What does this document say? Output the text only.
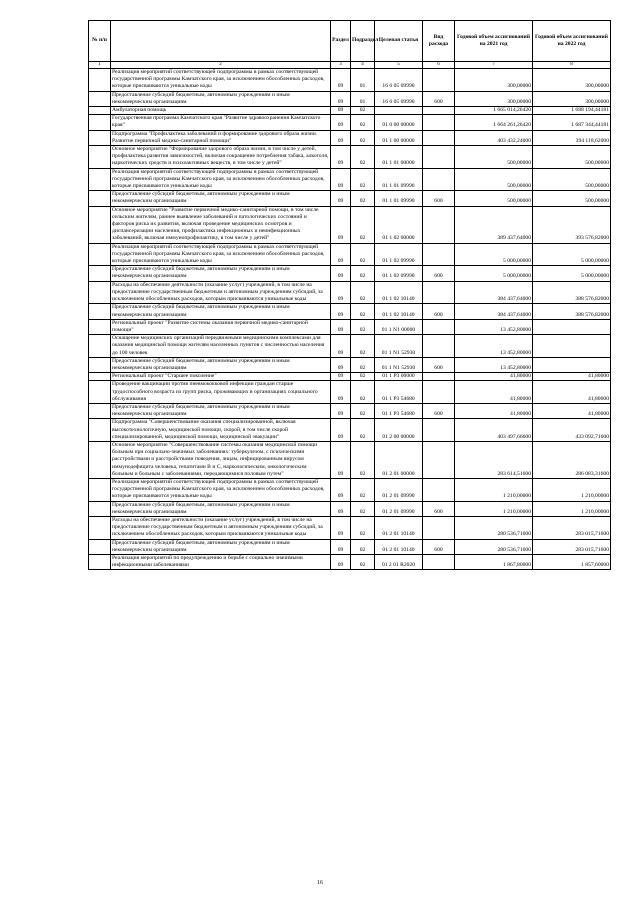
№ п/п		Раздел	Подраздел	Целевая статья	Вид расхода	Годовой объем ассигнований на 2021 год	Годовой объем ассигнований на 2022 год
1	2	3	4	5	6	7	8
	Реализация мероприятий соответствующей подпрограммы в рамках соответствующей государственной программы Камчатского края, за исключением обособленных расходов, которые присваиваются уникальные коды	09	01	16 6 05 09990		300,00000	300,00000
	Предоставление субсидий бюджетным, автономным учреждениям и иным некоммерческим организациям	09	01	16 6 05 09990	600	300,00000	300,00000
	Амбулаторная помощь	09	02			1 665 014,26420	1 688 194,44181
	Государственная программа Камчатского края "Развитие здравоохранения Камчатского края"	09	02	01 0 00 00000		1 664 261,26420	1 687 344,44181
	Подпрограмма "Профилактика заболеваний и формирование здорового образа жизни. Развитие первичной медико-санитарной помощи"	09	02	01 1 00 00000		403 432,24000	394 118,62000
	Основное мероприятие "Формирование здорового образа жизни, в том числе у детей, профилактика развития зависимостей, включая сокращение потребления табака, алкоголя, наркотических средств и психоактивных веществ, в том числе у детей"	09	02	01 1 01 00000		500,00000	500,00000
	Реализация мероприятий соответствующей подпрограммы в рамках соответствующей государственной программы Камчатского края, за исключением обособленных расходов, которые присваиваются уникальные коды	09	02	01 1 01 09990		500,00000	500,00000
	Предоставление субсидий бюджетным, автономным учреждениям и иным некоммерческим организациям	09	02	01 1 01 09990	600	500,00000	500,00000
	Основное мероприятие "Развитие первичной медико-санитарной помощи, в том числе сельским жителям, раннее выявление заболеваний и патологических состояний и факторов риска их развития, включая проведение медицинских осмотров и диспансеризации населения, профилактика инфекционных и неинфекционных заболеваний, включая иммунопрофилактику, в том числе у детей"	09	02	01 1 02 00000		389 437,64000	393 576,82000
	Реализация мероприятий соответствующей подпрограммы в рамках соответствующей государственной программы Камчатского края, за исключением обособленных расходов, которые присваиваются уникальные коды	09	02	01 1 02 09990		5 000,00000	5 000,00000
	Предоставление субсидий бюджетным, автономным учреждениям и иным некоммерческим организациям	09	02	01 1 02 09990	600	5 000,00000	5 000,00000
	Расходы на обеспечение деятельности (оказание услуг) учреждений, в том числе на предоставление государственным бюджетным и автономным учреждениям субсидий, за исключением обособленных расходов, которым присваиваются уникальные коды	09	02	01 1 02 10140		384 437,64000	388 576,82000
	Предоставление субсидий бюджетным, автономным учреждениям и иным некоммерческим организациям	09	02	01 1 02 10140	600	384 437,64000	388 576,82000
	Региональный проект "Развитие системы оказания первичной медико-санитарной помощи"	09	02	01 1 N1 00000		13 452,80000	
	Оснащение медицинских организаций передвижными медицинскими комплексами для оказания медицинской помощи жителям населенных пунктов с численностью населения до 100 человек	09	02	01 1 N1 52930		13 452,80000	
	Предоставление субсидий бюджетным, автономным учреждениям и иным некоммерческим организациям	09	02	01 1 N1 52930	600	13 452,80000	
	Региональный проект "Старшее поколение"	09	02	01 1 P3 00000		41,80000	41,80000
	Проведение вакцинации против пневмококковой инфекции граждан старше трудоспособного возраста из групп риска, проживающих в организациях социального обслуживания	09	02	01 1 P3 54680		41,80000	41,80000
	Предоставление субсидий бюджетным, автономным учреждениям и иным некоммерческим организациям	09	02	01 1 P3 54680	600	41,80000	41,80000
	Подпрограмма "Совершенствование оказания специализированной, включая высокотехнологичную, медицинской помощи, скорой, в том числе скорой специализированной, медицинской помощи, медицинской эвакуации"	09	02	01 2 00 00000		403 497,66600	433 092,71600
	Основное мероприятие "Совершенствование системы оказания медицинской помощи больным при социально-значимых заболеваниях: туберкулезом, с психическими расстройствами и расстройствами поведения, лицам, инфицированным вирусом иммунодефицита человека, гепатитами В и С, наркологическим, онкологическим больным и больным с заболеваниями, передающимися половым путем"	09	02	01 2 01 00000		283 614,51600	286 083,31600
	Реализация мероприятий соответствующей подпрограммы в рамках соответствующей государственной программы Камчатского края, за исключением обособленных расходов, которые присваиваются уникальные коды	09	02	01 2 01 09990		1 210,00000	1 210,00000
	Предоставление субсидий бюджетным, автономным учреждениям и иным некоммерческим организациям	09	02	01 2 01 09990	600	1 210,00000	1 210,00000
	Расходы на обеспечение деятельности (оказание услуг) учреждений, в том числе на предоставление государственным бюджетным и автономным учреждениям субсидий, за исключением обособленных расходов, которым присваиваются уникальные коды	09	02	01 2 01 10140		280 536,71600	283 015,71600
	Предоставление субсидий бюджетным, автономным учреждениям и иным некоммерческим организациям	09	02	01 2 01 10140	600	280 536,71600	283 015,71600
	Реализация мероприятий по предупреждению и борьбе с социально значимыми инфекционными заболеваниями	09	02	01 2 01 R2020		1 867,80000	1 857,60000
16
